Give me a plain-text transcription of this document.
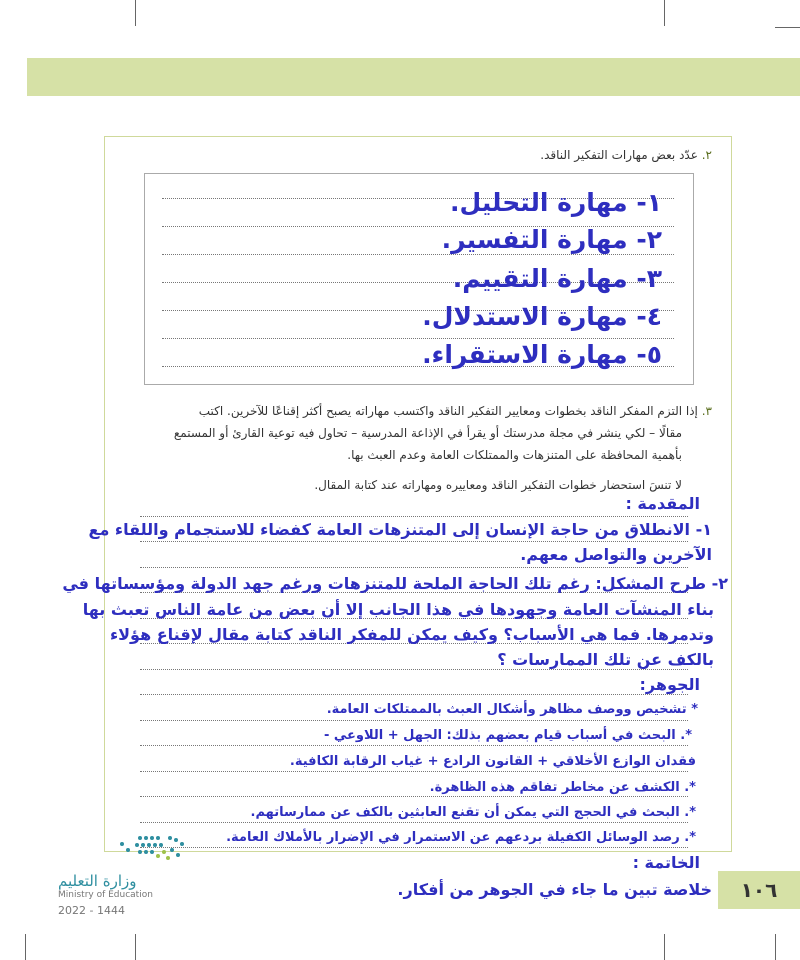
٢. عدّد بعض مهارات التفكير الناقد.
١- مهارة التحليل.
٢- مهارة التفسير.
٣- مهارة التقييم.
٤- مهارة الاستدلال.
٥- مهارة الاستقراء.
٣. إذا التزم المفكر الناقد بخطوات ومعايير التفكير الناقد واكتسب مهاراته يصبح أكثر إقناعًا للآخرين. اكتب
مقالًا – لكي ينشر في مجلة مدرستك أو يقرأ في الإذاعة المدرسية – تحاول فيه توعية القارئ أو المستمع
بأهمية المحافظة على المتنزهات والممتلكات العامة وعدم العبث بها.
لا تنسَ استحضار خطوات التفكير الناقد ومعاييره ومهاراته عند كتابة المقال.
المقدمة :
١- الانطلاق من حاجة الإنسان إلى المتنزهات العامة كفضاء للاستجمام واللقاء مع
الآخرين والتواصل معهم.
٢- طرح المشكل: رغم تلك الحاجة الملحة للمتنزهات ورغم جهد الدولة ومؤسساتها في
بناء المنشآت العامة وجهودها في هذا الجانب إلا أن بعض من عامة الناس تعبث بها
وتدمرها. فما هي الأسباب؟ وكيف يمكن للمفكر الناقد كتابة مقال لإقناع هؤلاء
بالكف عن تلك الممارسات ؟
الجوهر:
* تشخيص ووصف مظاهر وأشكال العبث بالممتلكات العامة.
*. البحث في أسباب قيام بعضهم بذلك: الجهل + اللاوعي -
فقدان الوازع الأخلاقي + القانون الرادع + غياب الرقابة الكافية.
*. الكشف عن مخاطر تفاقم هذه الظاهرة.
*. البحث في الحجج التي يمكن أن تقنع العابثين بالكف عن ممارساتهم.
*. رصد الوسائل الكفيلة بردعهم عن الاستمرار في الإضرار بالأملاك العامة.
الخاتمة :
خلاصة تبين ما جاء في الجوهر من أفكار.
وزارة التعليم
Ministry of Education
2022 - 1444
١٠٦
